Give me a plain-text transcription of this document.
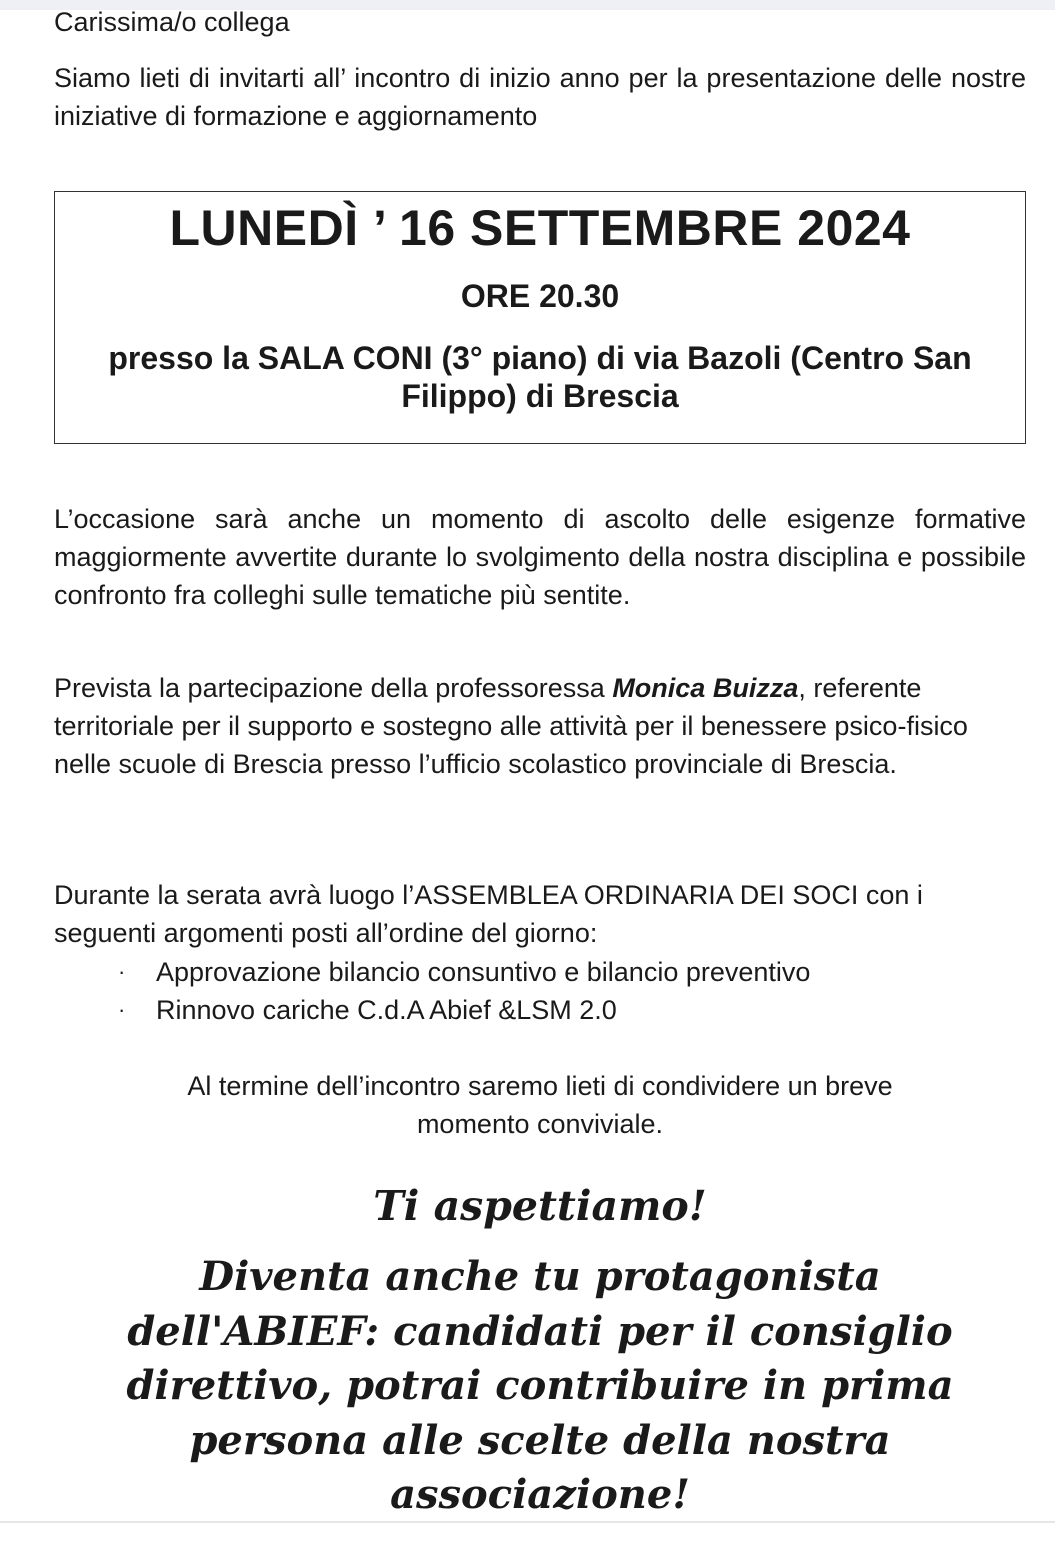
Carissima/o collega
Siamo lieti di invitarti all’ incontro di inizio anno per la presentazione delle nostre iniziative di formazione e aggiornamento
LUNEDÌ ’ 16 SETTEMBRE 2024
ORE 20.30
presso la SALA CONI (3° piano) di via Bazoli (Centro San Filippo) di Brescia
L’occasione sarà anche un momento di ascolto delle esigenze formative maggiormente avvertite durante lo svolgimento della nostra disciplina e possibile confronto fra colleghi sulle tematiche più sentite.
Prevista la partecipazione della professoressa Monica Buizza, referente territoriale per il supporto e sostegno alle attività per il benessere psico-fisico nelle scuole di Brescia presso l’ufficio scolastico provinciale di Brescia.
Durante la serata avrà luogo l’ASSEMBLEA ORDINARIA DEI SOCI con i seguenti argomenti posti all’ordine del giorno:
· Approvazione bilancio consuntivo e bilancio preventivo
· Rinnovo cariche C.d.A Abief &LSM 2.0
Al termine dell’incontro saremo lieti di condividere un breve
momento conviviale.
Ti aspettiamo!
Diventa anche tu protagonista
dell'ABIEF: candidati per il consiglio
direttivo, potrai contribuire in prima
persona alle scelte della nostra
associazione!
